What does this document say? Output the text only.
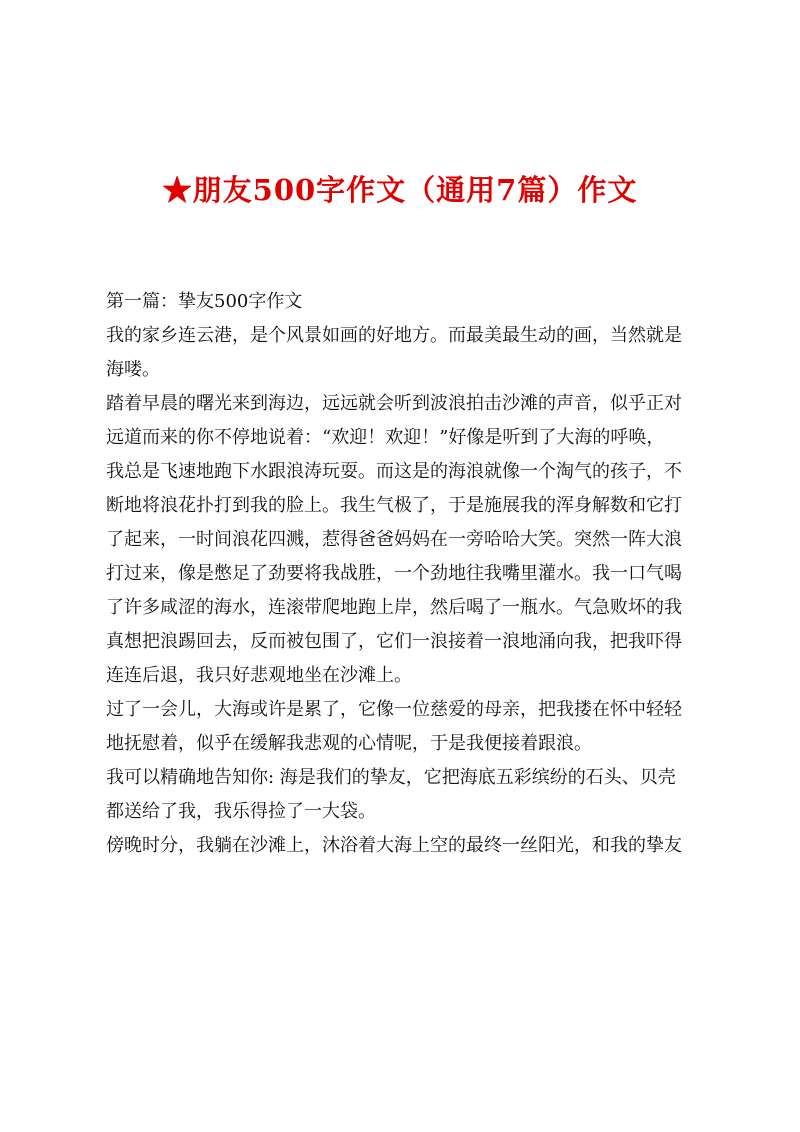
★朋友500字作文（通用7篇）作文
第一篇：挚友500字作文
我的家乡连云港，是个风景如画的好地方。而最美最生动的画，当然就是
海喽。
踏着早晨的曙光来到海边，远远就会听到波浪拍击沙滩的声音，似乎正对
远道而来的你不停地说着：“欢迎！欢迎！”好像是听到了大海的呼唤，
我总是飞速地跑下水跟浪涛玩耍。而这是的海浪就像一个淘气的孩子，不
断地将浪花扑打到我的脸上。我生气极了，于是施展我的浑身解数和它打
了起来，一时间浪花四溅，惹得爸爸妈妈在一旁哈哈大笑。突然一阵大浪
打过来，像是憋足了劲要将我战胜，一个劲地往我嘴里灌水。我一口气喝
了许多咸涩的海水，连滚带爬地跑上岸，然后喝了一瓶水。气急败坏的我
真想把浪踢回去，反而被包围了，它们一浪接着一浪地涌向我，把我吓得
连连后退，我只好悲观地坐在沙滩上。
过了一会儿，大海或许是累了，它像一位慈爱的母亲，把我搂在怀中轻轻
地抚慰着，似乎在缓解我悲观的心情呢，于是我便接着跟浪。
我可以精确地告知你: 海是我们的挚友，它把海底五彩缤纷的石头、贝壳
都送给了我，我乐得捡了一大袋。
傍晚时分，我躺在沙滩上，沐浴着大海上空的最终一丝阳光，和我的挚友
